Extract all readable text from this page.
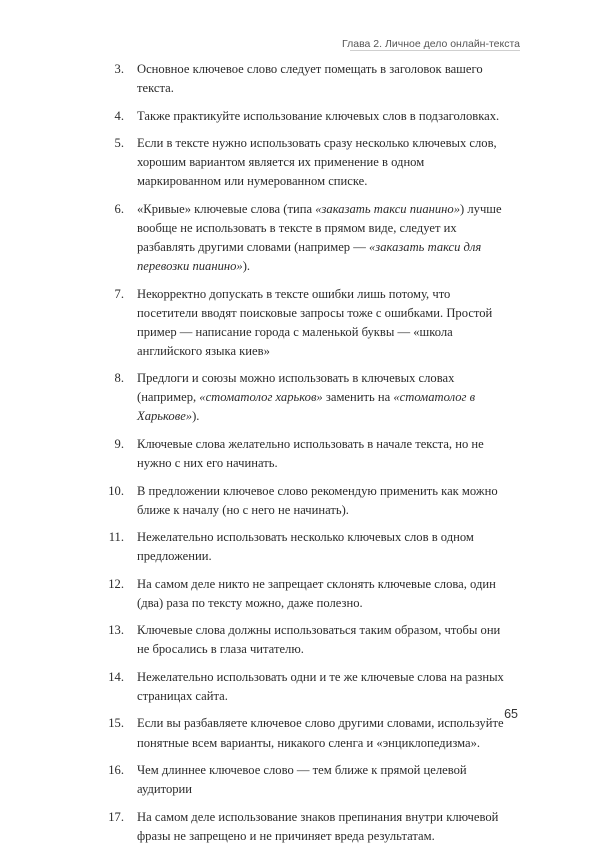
Глава 2. Личное дело онлайн-текста
3. Основное ключевое слово следует помещать в заголовок вашего текста.
4. Также практикуйте использование ключевых слов в подзаголовках.
5. Если в тексте нужно использовать сразу несколько ключевых слов, хорошим вариантом является их применение в одном маркированном или нумерованном списке.
6. «Кривые» ключевые слова (типа «заказать такси пианино») лучше вообще не использовать в тексте в прямом виде, следует их разбавлять другими словами (например — «заказать такси для перевозки пианино»).
7. Некорректно допускать в тексте ошибки лишь потому, что посетители вводят поисковые запросы тоже с ошибками. Простой пример — написание города с маленькой буквы — «школа английского языка киев»
8. Предлоги и союзы можно использовать в ключевых словах (например, «стоматолог харьков» заменить на «стоматолог в Харькове»).
9. Ключевые слова желательно использовать в начале текста, но не нужно с них его начинать.
10. В предложении ключевое слово рекомендую применить как можно ближе к началу (но с него не начинать).
11. Нежелательно использовать несколько ключевых слов в одном предложении.
12. На самом деле никто не запрещает склонять ключевые слова, один (два) раза по тексту можно, даже полезно.
13. Ключевые слова должны использоваться таким образом, чтобы они не бросались в глаза читателю.
14. Нежелательно использовать одни и те же ключевые слова на разных страницах сайта.
15. Если вы разбавляете ключевое слово другими словами, используйте понятные всем варианты, никакого сленга и «энциклопедизма».
16. Чем длиннее ключевое слово — тем ближе к прямой целевой аудитории
17. На самом деле использование знаков препинания внутри ключевой фразы не запрещено и не причиняет вреда результатам.
65
